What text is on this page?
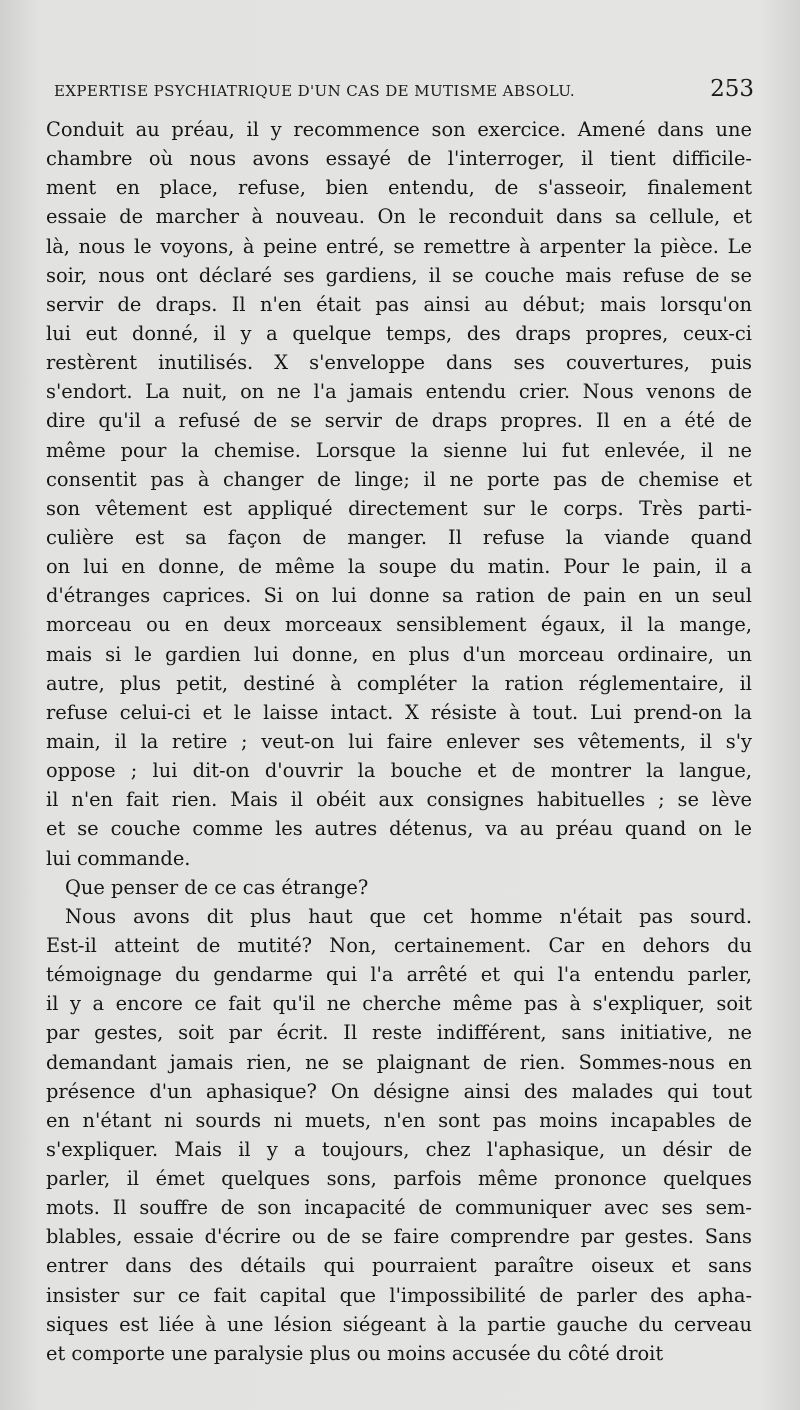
EXPERTISE PSYCHIATRIQUE D'UN CAS DE MUTISME ABSOLU.	253
Conduit au préau, il y recommence son exercice. Amené dans une
chambre où nous avons essayé de l'interroger, il tient difficile-
ment en place, refuse, bien entendu, de s'asseoir, finalement
essaie de marcher à nouveau. On le reconduit dans sa cellule, et
là, nous le voyons, à peine entré, se remettre à arpenter la pièce. Le
soir, nous ont déclaré ses gardiens, il se couche mais refuse de se
servir de draps. Il n'en était pas ainsi au début; mais lorsqu'on
lui eut donné, il y a quelque temps, des draps propres, ceux-ci
restèrent inutilisés. X s'enveloppe dans ses couvertures, puis
s'endort. La nuit, on ne l'a jamais entendu crier. Nous venons de
dire qu'il a refusé de se servir de draps propres. Il en a été de
même pour la chemise. Lorsque la sienne lui fut enlevée, il ne
consentit pas à changer de linge; il ne porte pas de chemise et
son vêtement est appliqué directement sur le corps. Très parti-
culière est sa façon de manger. Il refuse la viande quand
on lui en donne, de même la soupe du matin. Pour le pain, il a
d'étranges caprices. Si on lui donne sa ration de pain en un seul
morceau ou en deux morceaux sensiblement égaux, il la mange,
mais si le gardien lui donne, en plus d'un morceau ordinaire, un
autre, plus petit, destiné à compléter la ration réglementaire, il
refuse celui-ci et le laisse intact. X résiste à tout. Lui prend-on la
main, il la retire ; veut-on lui faire enlever ses vêtements, il s'y
oppose ; lui dit-on d'ouvrir la bouche et de montrer la langue,
il n'en fait rien. Mais il obéit aux consignes habituelles ; se lève
et se couche comme les autres détenus, va au préau quand on le
lui commande.
Que penser de ce cas étrange?
Nous avons dit plus haut que cet homme n'était pas sourd.
Est-il atteint de mutité? Non, certainement. Car en dehors du
témoignage du gendarme qui l'a arrêté et qui l'a entendu parler,
il y a encore ce fait qu'il ne cherche même pas à s'expliquer, soit
par gestes, soit par écrit. Il reste indifférent, sans initiative, ne
demandant jamais rien, ne se plaignant de rien. Sommes-nous en
présence d'un aphasique? On désigne ainsi des malades qui tout
en n'étant ni sourds ni muets, n'en sont pas moins incapables de
s'expliquer. Mais il y a toujours, chez l'aphasique, un désir de
parler, il émet quelques sons, parfois même prononce quelques
mots. Il souffre de son incapacité de communiquer avec ses sem-
blables, essaie d'écrire ou de se faire comprendre par gestes. Sans
entrer dans des détails qui pourraient paraître oiseux et sans
insister sur ce fait capital que l'impossibilité de parler des apha-
siques est liée à une lésion siégeant à la partie gauche du cerveau
et comporte une paralysie plus ou moins accusée du côté droit
